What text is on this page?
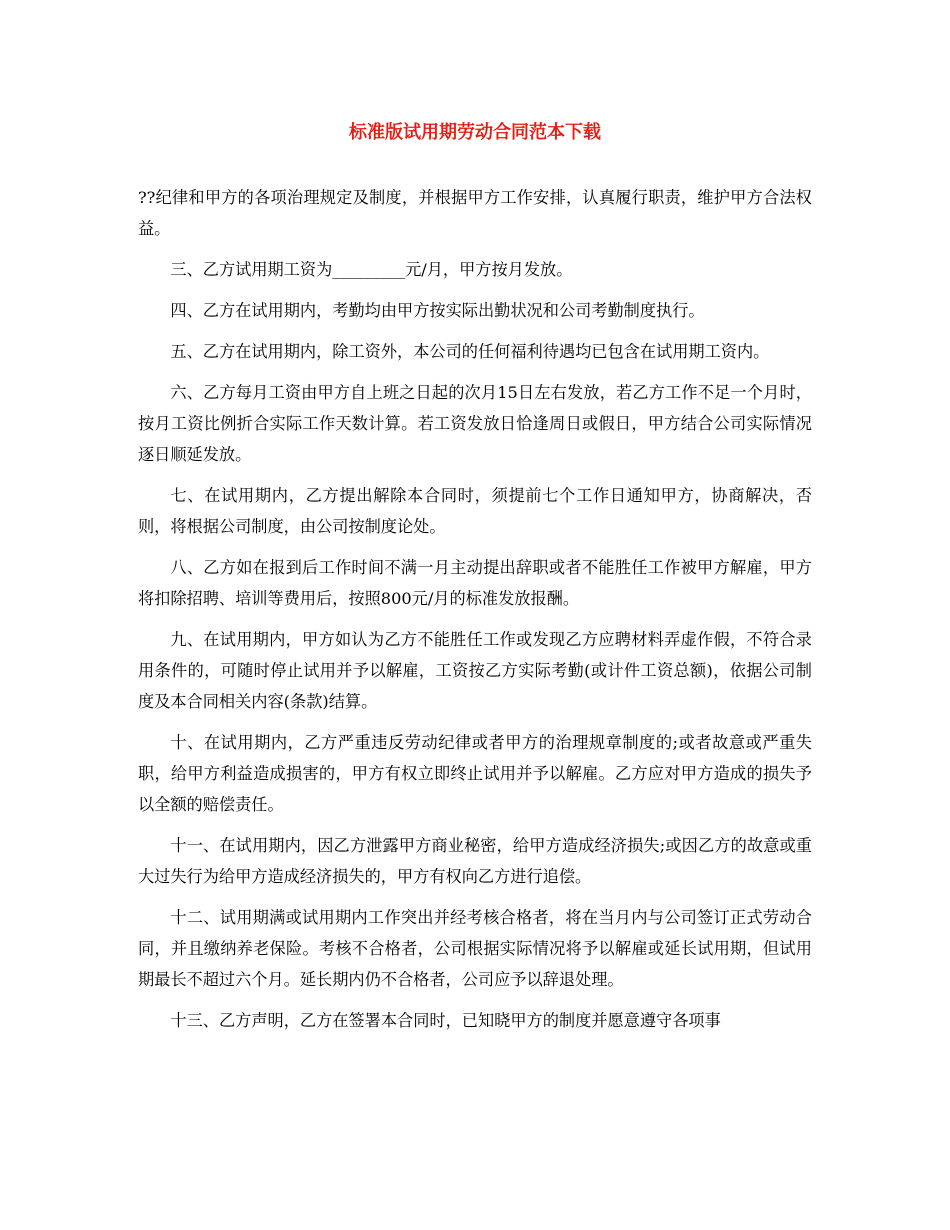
标准版试用期劳动合同范本下载

??纪律和甲方的各项治理规定及制度，并根据甲方工作安排，认真履行职责，维护甲方合法权益。

三、乙方试用期工资为_________元/月，甲方按月发放。

四、乙方在试用期内，考勤均由甲方按实际出勤状况和公司考勤制度执行。

五、乙方在试用期内，除工资外，本公司的任何福利待遇均已包含在试用期工资内。

六、乙方每月工资由甲方自上班之日起的次月15日左右发放，若乙方工作不足一个月时，按月工资比例折合实际工作天数计算。若工资发放日恰逢周日或假日，甲方结合公司实际情况逐日顺延发放。

七、在试用期内，乙方提出解除本合同时，须提前七个工作日通知甲方，协商解决，否则，将根据公司制度，由公司按制度论处。

八、乙方如在报到后工作时间不满一月主动提出辞职或者不能胜任工作被甲方解雇，甲方将扣除招聘、培训等费用后，按照800元/月的标准发放报酬。

九、在试用期内，甲方如认为乙方不能胜任工作或发现乙方应聘材料弄虚作假，不符合录用条件的，可随时停止试用并予以解雇，工资按乙方实际考勤(或计件工资总额)，依据公司制度及本合同相关内容(条款)结算。

十、在试用期内，乙方严重违反劳动纪律或者甲方的治理规章制度的;或者故意或严重失职，给甲方利益造成损害的，甲方有权立即终止试用并予以解雇。乙方应对甲方造成的损失予以全额的赔偿责任。

十一、在试用期内，因乙方泄露甲方商业秘密，给甲方造成经济损失;或因乙方的故意或重大过失行为给甲方造成经济损失的，甲方有权向乙方进行追偿。

十二、试用期满或试用期内工作突出并经考核合格者，将在当月内与公司签订正式劳动合同，并且缴纳养老保险。考核不合格者，公司根据实际情况将予以解雇或延长试用期，但试用期最长不超过六个月。延长期内仍不合格者，公司应予以辞退处理。

十三、乙方声明，乙方在签署本合同时，已知晓甲方的制度并愿意遵守各项事
